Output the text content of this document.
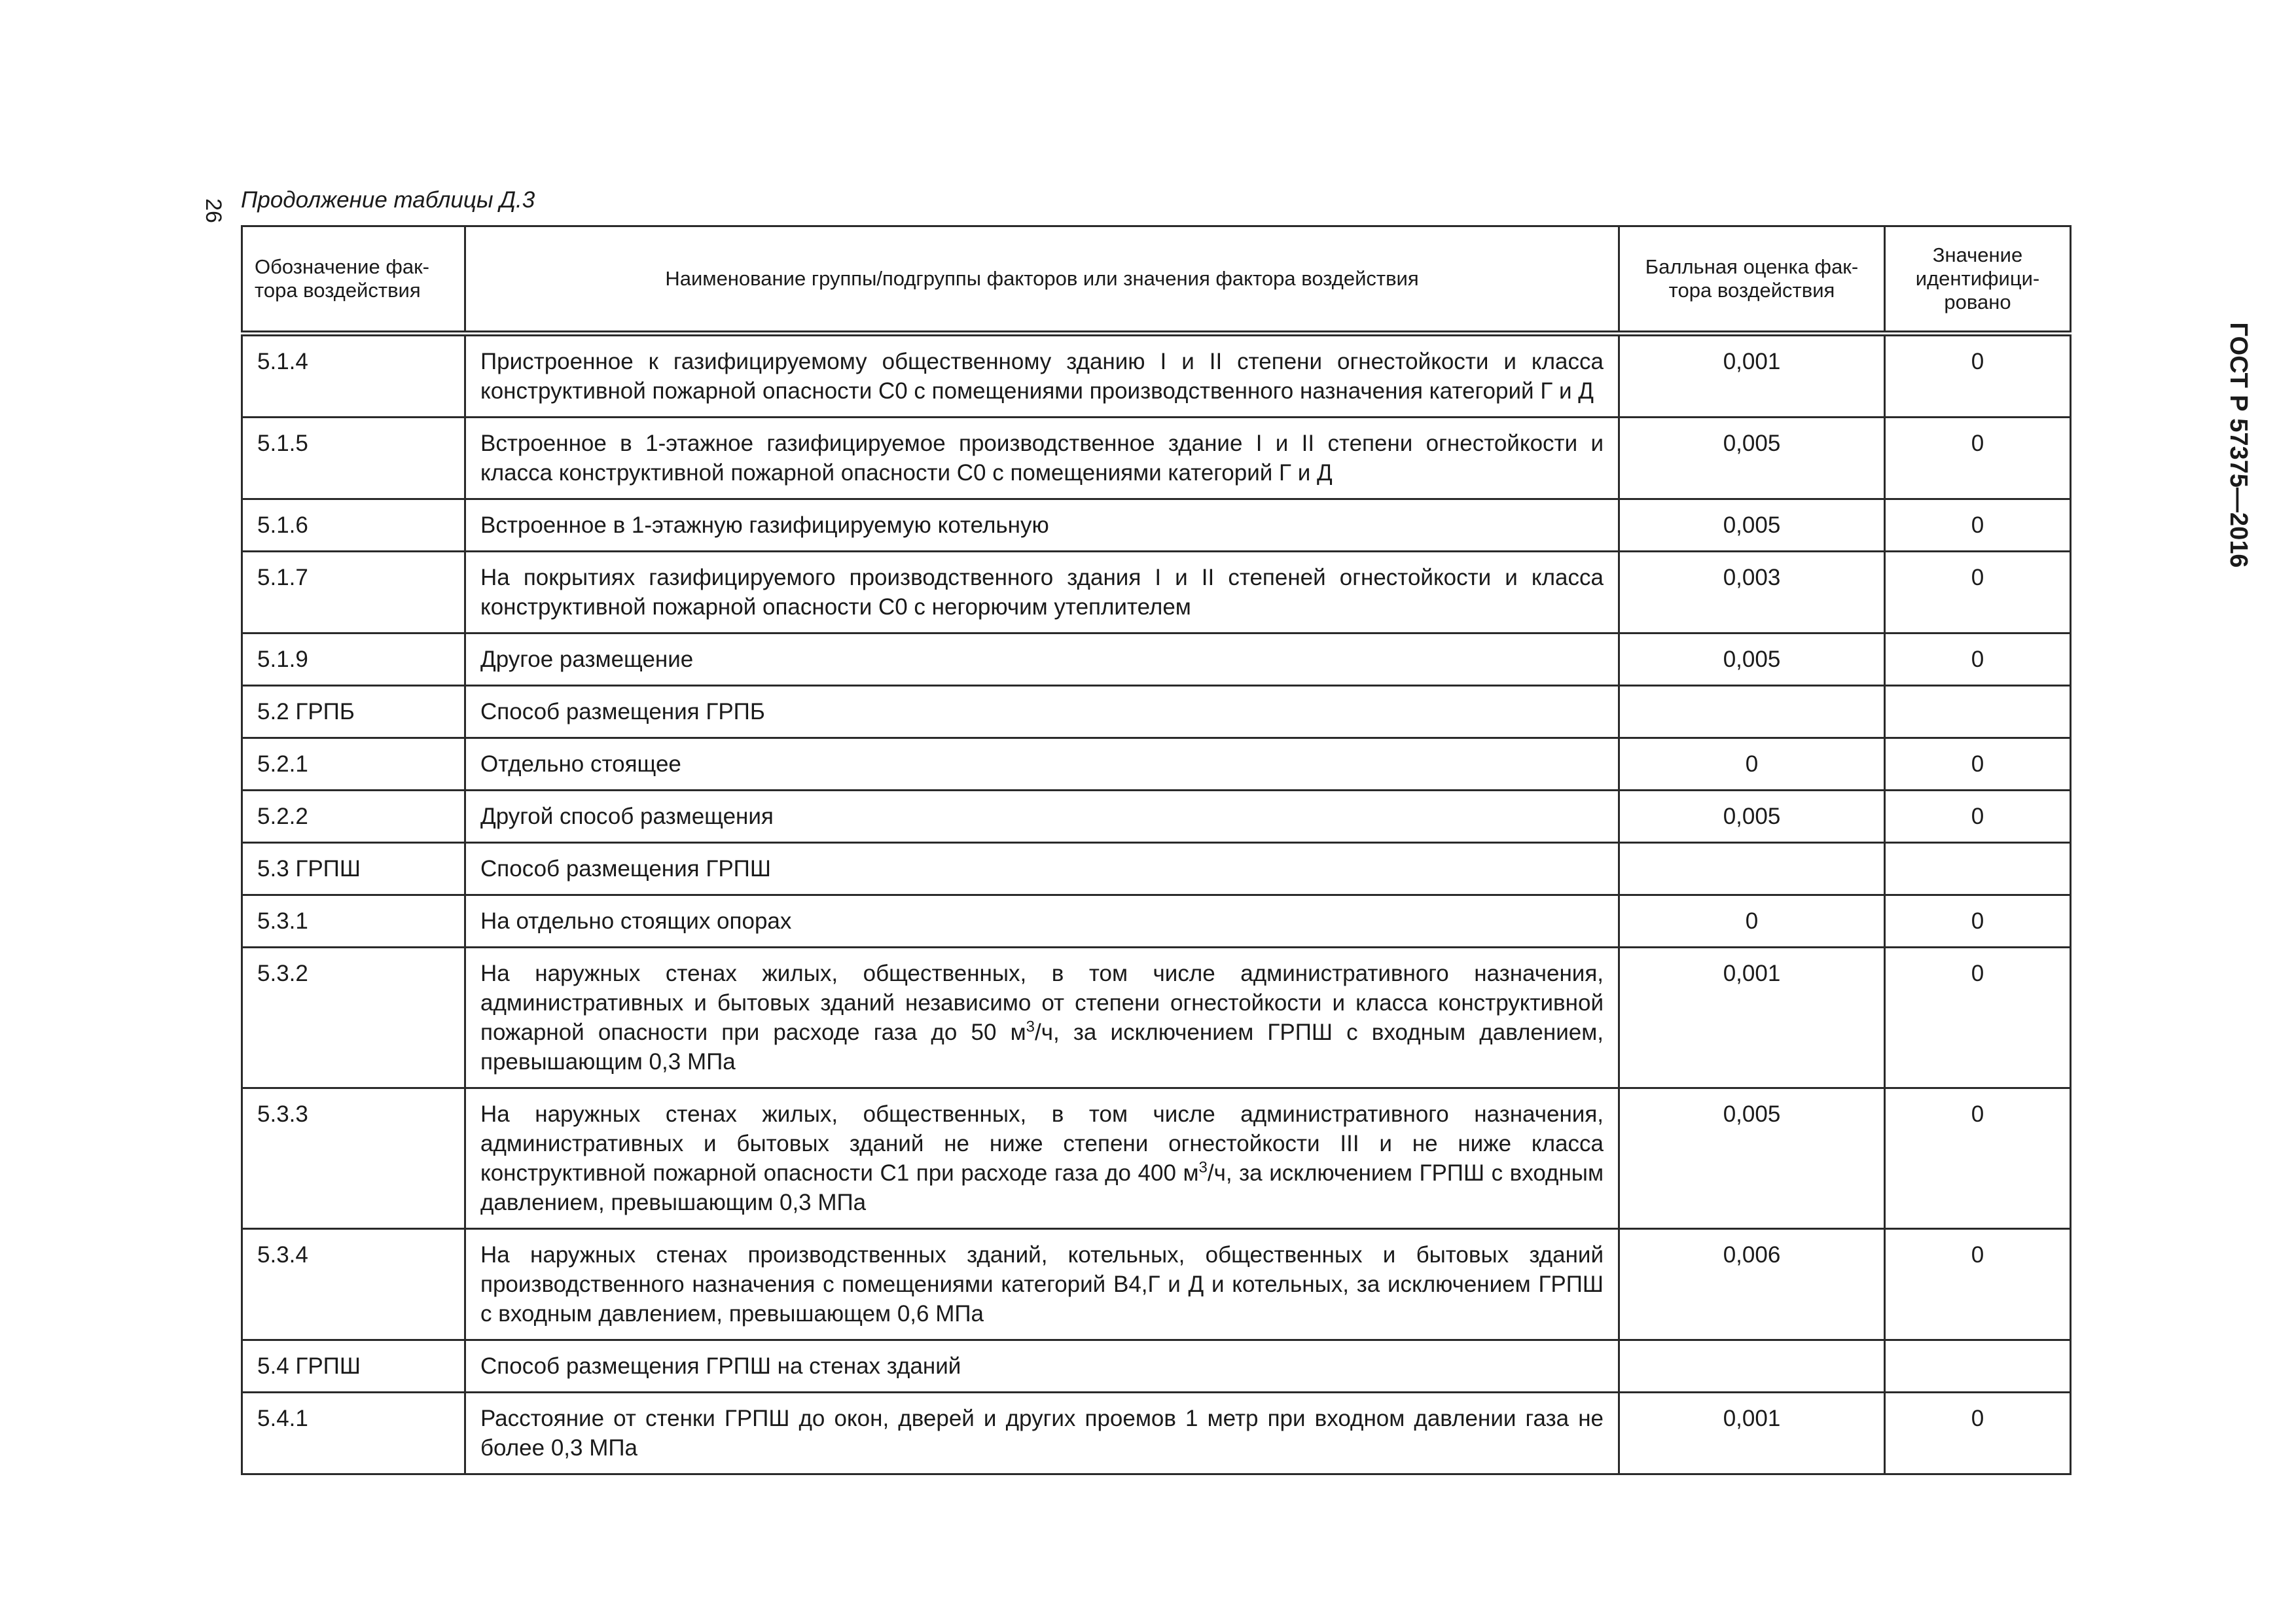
26
ГОСТ Р 57375—2016
Продолжение таблицы Д.3
Обозначение фак-тора воздействия	Наименование группы/подгруппы факторов или значения фактора воздействия	Балльная оценка фак-тора воздействия	Значение идентифици-ровано
5.1.4	Пристроенное к газифицируемому общественному зданию I и II степени огнестойкости и класса конструктивной пожарной опасности С0 с помещениями производственного назначения категорий Г и Д	0,001	0
5.1.5	Встроенное в 1-этажное газифицируемое производственное здание I и II степени огнестойкости и класса конструктивной пожарной опасности С0 с помещениями категорий Г и Д	0,005	0
5.1.6	Встроенное в 1-этажную газифицируемую котельную	0,005	0
5.1.7	На покрытиях газифицируемого производственного здания I и II степеней огнестойкости и класса конструктивной пожарной опасности С0 с негорючим утеплителем	0,003	0
5.1.9	Другое размещение	0,005	0
5.2 ГРПБ	Способ размещения ГРПБ		
5.2.1	Отдельно стоящее	0	0
5.2.2	Другой способ размещения	0,005	0
5.3 ГРПШ	Способ размещения ГРПШ		
5.3.1	На отдельно стоящих опорах	0	0
5.3.2	На наружных стенах жилых, общественных, в том числе административного назначения, административных и бытовых зданий независимо от степени огнестойкости и класса конструктивной пожарной опасности при расходе газа до 50 $м^3/ч$, за исключением ГРПШ с входным давлением, превышающим 0,3 МПа	0,001	0
5.3.3	На наружных стенах жилых, общественных, в том числе административного назначения, административных и бытовых зданий не ниже степени огнестойкости III и не ниже класса конструктивной пожарной опасности С1 при расходе газа до 400 $м^3/ч$, за исключением ГРПШ с входным давлением, превышающим 0,3 МПа	0,005	0
5.3.4	На наружных стенах производственных зданий, котельных, общественных и бытовых зданий производственного назначения с помещениями категорий В4,Г и Д и котельных, за исключением ГРПШ с входным давлением, превышающем 0,6 МПа	0,006	0
5.4 ГРПШ	Способ размещения ГРПШ на стенах зданий		
5.4.1	Расстояние от стенки ГРПШ до окон, дверей и других проемов 1 метр при входном давлении газа не более 0,3 МПа	0,001	0
